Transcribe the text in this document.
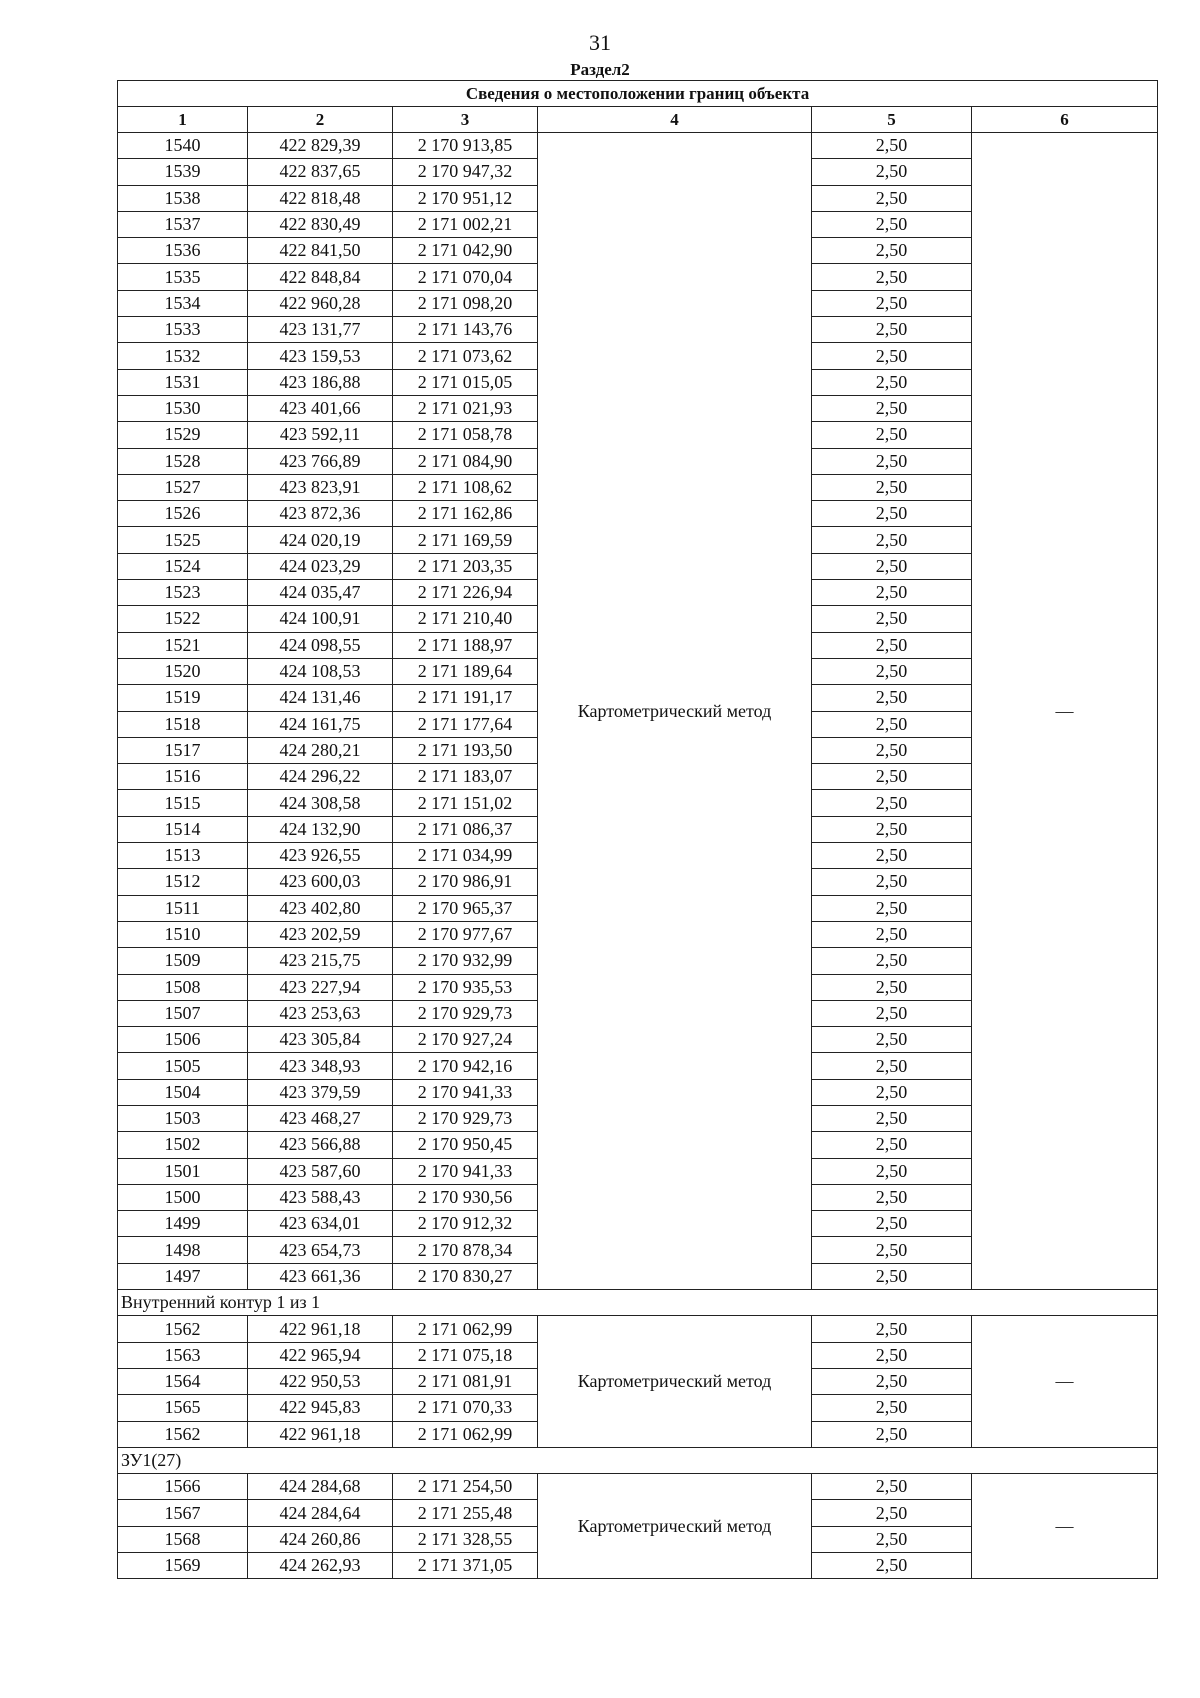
31
Раздел2
Сведения о местоположении границ объекта					
1	2	3	4	5	6
1540	422 829,39	2 170 913,85	Картометрический метод	2,50	—
1539	422 837,65	2 170 947,32		2,50	
1538	422 818,48	2 170 951,12		2,50	
1537	422 830,49	2 171 002,21		2,50	
1536	422 841,50	2 171 042,90		2,50	
1535	422 848,84	2 171 070,04		2,50	
1534	422 960,28	2 171 098,20		2,50	
1533	423 131,77	2 171 143,76		2,50	
1532	423 159,53	2 171 073,62		2,50	
1531	423 186,88	2 171 015,05		2,50	
1530	423 401,66	2 171 021,93		2,50	
1529	423 592,11	2 171 058,78		2,50	
1528	423 766,89	2 171 084,90		2,50	
1527	423 823,91	2 171 108,62		2,50	
1526	423 872,36	2 171 162,86		2,50	
1525	424 020,19	2 171 169,59		2,50	
1524	424 023,29	2 171 203,35		2,50	
1523	424 035,47	2 171 226,94		2,50	
1522	424 100,91	2 171 210,40		2,50	
1521	424 098,55	2 171 188,97		2,50	
1520	424 108,53	2 171 189,64		2,50	
1519	424 131,46	2 171 191,17		2,50	
1518	424 161,75	2 171 177,64		2,50	
1517	424 280,21	2 171 193,50		2,50	
1516	424 296,22	2 171 183,07		2,50	
1515	424 308,58	2 171 151,02		2,50	
1514	424 132,90	2 171 086,37		2,50	
1513	423 926,55	2 171 034,99		2,50	
1512	423 600,03	2 170 986,91		2,50	
1511	423 402,80	2 170 965,37		2,50	
1510	423 202,59	2 170 977,67		2,50	
1509	423 215,75	2 170 932,99		2,50	
1508	423 227,94	2 170 935,53		2,50	
1507	423 253,63	2 170 929,73		2,50	
1506	423 305,84	2 170 927,24		2,50	
1505	423 348,93	2 170 942,16		2,50	
1504	423 379,59	2 170 941,33		2,50	
1503	423 468,27	2 170 929,73		2,50	
1502	423 566,88	2 170 950,45		2,50	
1501	423 587,60	2 170 941,33		2,50	
1500	423 588,43	2 170 930,56		2,50	
1499	423 634,01	2 170 912,32		2,50	
1498	423 654,73	2 170 878,34		2,50	
1497	423 661,36	2 170 830,27		2,50	
Внутренний контур 1 из 1					
1562	422 961,18	2 171 062,99	Картометрический метод	2,50	—
1563	422 965,94	2 171 075,18		2,50	
1564	422 950,53	2 171 081,91		2,50	
1565	422 945,83	2 171 070,33		2,50	
1562	422 961,18	2 171 062,99		2,50	
ЗУ1(27)					
1566	424 284,68	2 171 254,50	Картометрический метод	2,50	—
1567	424 284,64	2 171 255,48		2,50	
1568	424 260,86	2 171 328,55		2,50	
1569	424 262,93	2 171 371,05		2,50	
